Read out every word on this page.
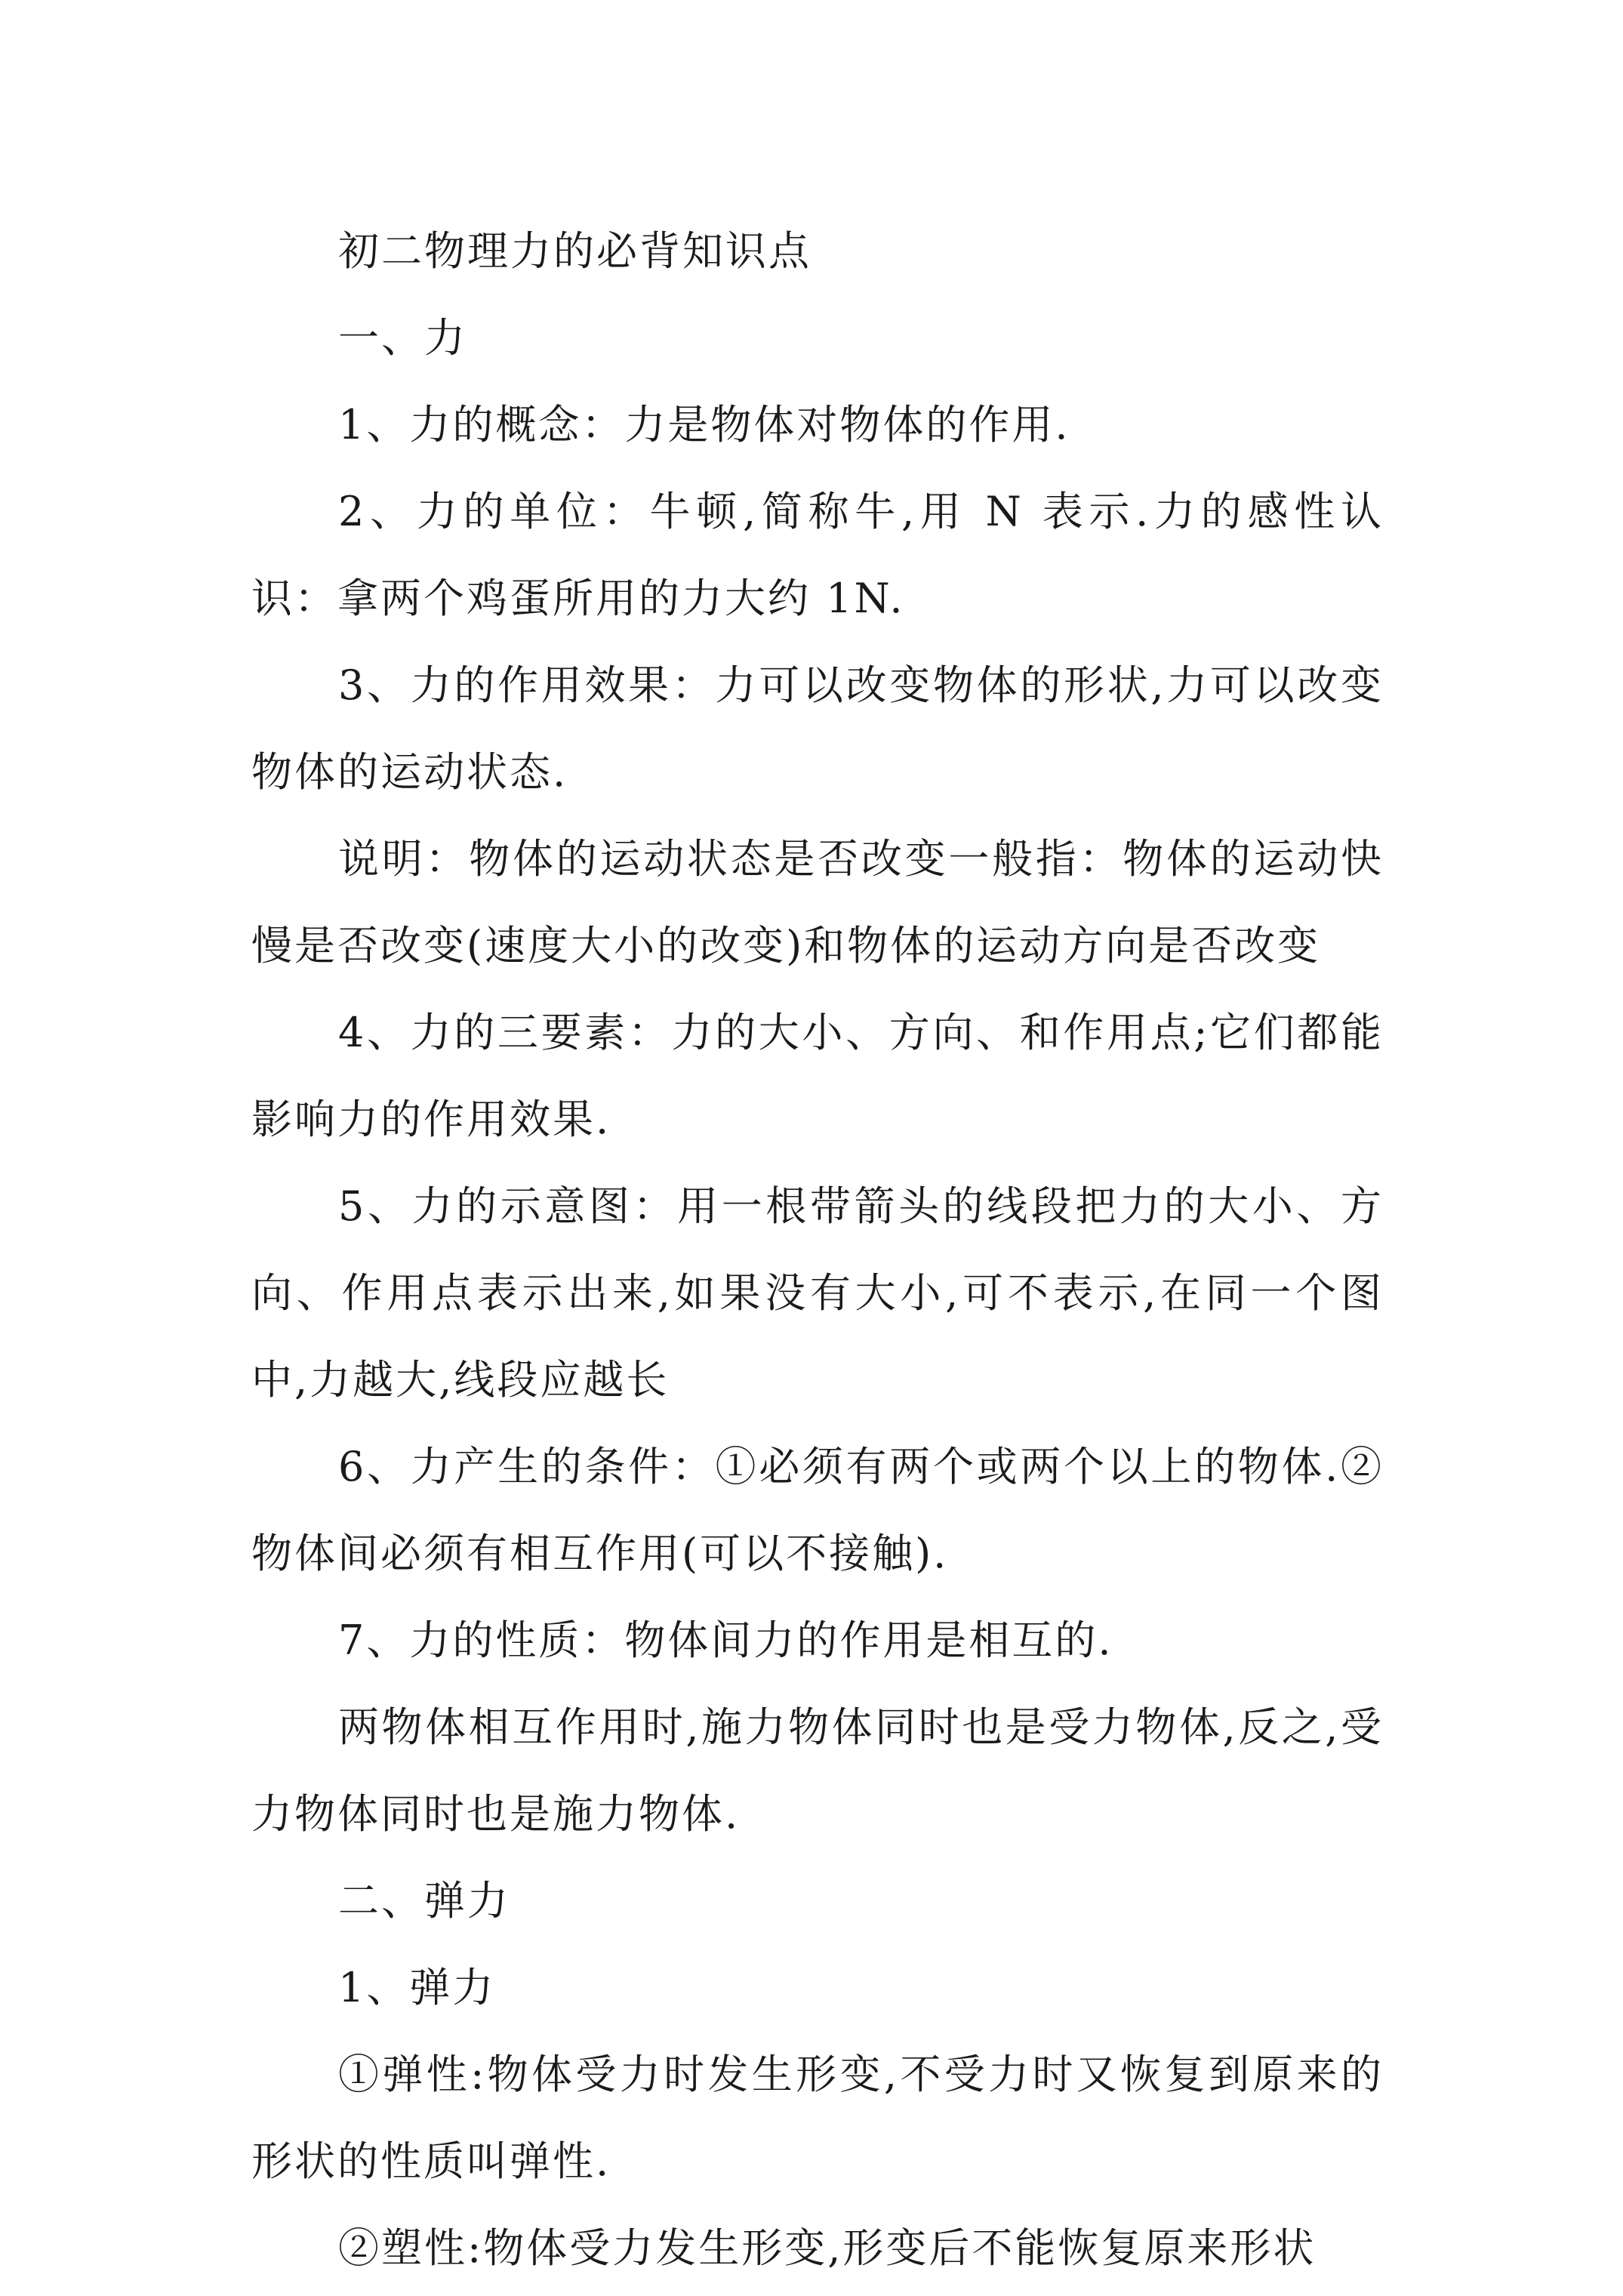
初二物理力的必背知识点

一、力

1、力的概念：力是物体对物体的作用.

2、力的单位：牛顿,简称牛,用 N 表示.力的感性认识：拿两个鸡蛋所用的力大约 1N.

3、力的作用效果：力可以改变物体的形状,力可以改变物体的运动状态.

说明：物体的运动状态是否改变一般指：物体的运动快慢是否改变(速度大小的改变)和物体的运动方向是否改变

4、力的三要素：力的大小、方向、和作用点;它们都能影响力的作用效果.

5、力的示意图：用一根带箭头的线段把力的大小、方向、作用点表示出来,如果没有大小,可不表示,在同一个图中,力越大,线段应越长

6、力产生的条件：①必须有两个或两个以上的物体.②物体间必须有相互作用(可以不接触).

7、力的性质：物体间力的作用是相互的.

两物体相互作用时,施力物体同时也是受力物体,反之,受力物体同时也是施力物体.

二、弹力

1、弹力

①弹性:物体受力时发生形变,不受力时又恢复到原来的形状的性质叫弹性.

②塑性:物体受力发生形变,形变后不能恢复原来形状
